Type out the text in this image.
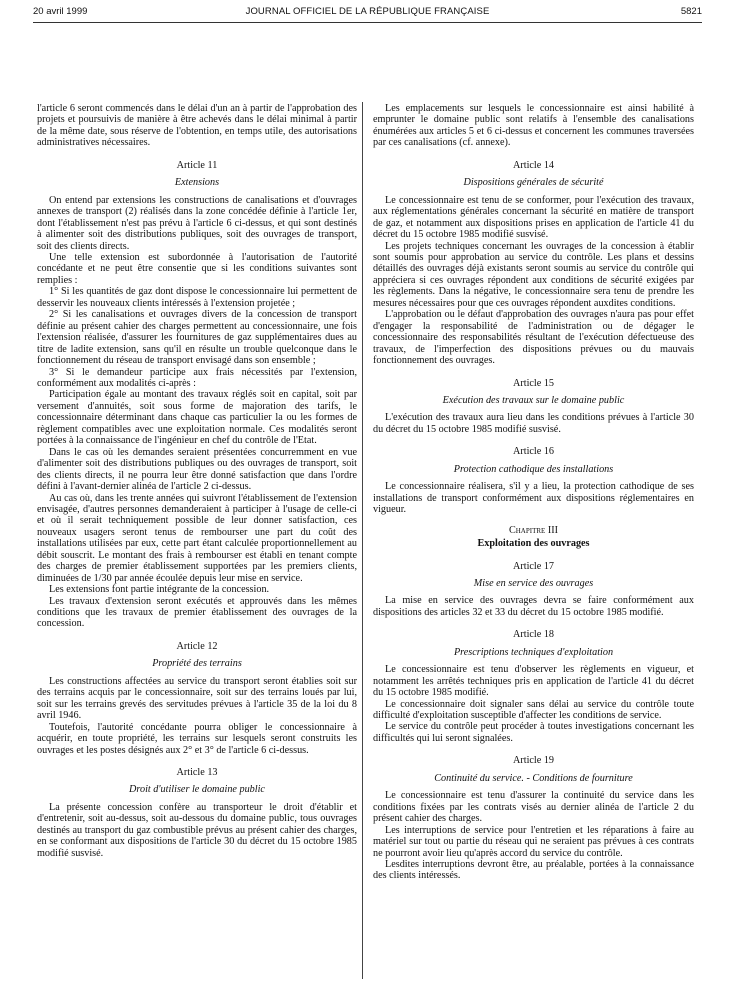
20 avril 1999	JOURNAL OFFICIEL DE LA RÉPUBLIQUE FRANÇAISE	5821

l'article 6 seront commencés dans le délai d'un an à partir de l'approbation des projets et poursuivis de manière à être achevés dans le délai minimal à partir de la même date, sous réserve de l'obtention, en temps utile, des autorisations administratives nécessaires.

Article 11

Extensions

On entend par extensions les constructions de canalisations et d'ouvrages annexes de transport (2) réalisés dans la zone concédée définie à l'article 1er, dont l'établissement n'est pas prévu à l'article 6 ci-dessus, et qui sont destinés à alimenter soit des distributions publiques, soit des ouvrages de transport, soit des clients directs.

Une telle extension est subordonnée à l'autorisation de l'autorité concédante et ne peut être consentie que si les conditions suivantes sont remplies :

1° Si les quantités de gaz dont dispose le concessionnaire lui permettent de desservir les nouveaux clients intéressés à l'extension projetée ;

2° Si les canalisations et ouvrages divers de la concession de transport définie au présent cahier des charges permettent au concessionnaire, une fois l'extension réalisée, d'assurer les fournitures de gaz supplémentaires dues au titre de ladite extension, sans qu'il en résulte un trouble quelconque dans le fonctionnement du réseau de transport envisagé dans son ensemble ;

3° Si le demandeur participe aux frais nécessités par l'extension, conformément aux modalités ci-après :

Participation égale au montant des travaux réglés soit en capital, soit par versement d'annuités, soit sous forme de majoration des tarifs, le concessionnaire déterminant dans chaque cas particulier la ou les formes de règlement compatibles avec une exploitation normale. Ces modalités seront portées à la connaissance de l'ingénieur en chef du contrôle de l'Etat.

Dans le cas où les demandes seraient présentées concurremment en vue d'alimenter soit des distributions publiques ou des ouvrages de transport, soit des clients directs, il ne pourra leur être donné satisfaction que dans l'ordre défini à l'avant-dernier alinéa de l'article 2 ci-dessus.

Au cas où, dans les trente années qui suivront l'établissement de l'extension envisagée, d'autres personnes demanderaient à participer à l'usage de celle-ci et où il serait techniquement possible de leur donner satisfaction, ces nouveaux usagers seront tenus de rembourser une part du coût des installations utilisées par eux, cette part étant calculée proportionnellement au débit souscrit. Le montant des frais à rembourser est établi en tenant compte des charges de premier établissement supportées par les premiers clients, diminuées de 1/30 par année écoulée depuis leur mise en service.

Les extensions font partie intégrante de la concession.

Les travaux d'extension seront exécutés et approuvés dans les mêmes conditions que les travaux de premier établissement des ouvrages de la concession.

Article 12

Propriété des terrains

Les constructions affectées au service du transport seront établies soit sur des terrains acquis par le concessionnaire, soit sur des terrains loués par lui, soit sur les terrains grevés des servitudes prévues à l'article 35 de la loi du 8 avril 1946.

Toutefois, l'autorité concédante pourra obliger le concessionnaire à acquérir, en toute propriété, les terrains sur lesquels seront construits les ouvrages et les postes désignés aux 2° et 3° de l'article 6 ci-dessus.

Article 13

Droit d'utiliser le domaine public

La présente concession confère au transporteur le droit d'établir et d'entretenir, soit au-dessus, soit au-dessous du domaine public, tous ouvrages destinés au transport du gaz combustible prévus au présent cahier des charges, en se conformant aux dispositions de l'article 30 du décret du 15 octobre 1985 modifié susvisé.

Les emplacements sur lesquels le concessionnaire est ainsi habilité à emprunter le domaine public sont relatifs à l'ensemble des canalisations énumérées aux articles 5 et 6 ci-dessus et concernent les communes traversées par ces canalisations (cf. annexe).

Article 14

Dispositions générales de sécurité

Le concessionnaire est tenu de se conformer, pour l'exécution des travaux, aux réglementations générales concernant la sécurité en matière de transport de gaz, et notamment aux dispositions prises en application de l'article 41 du décret du 15 octobre 1985 modifié susvisé.

Les projets techniques concernant les ouvrages de la concession à établir sont soumis pour approbation au service du contrôle. Les plans et dessins détaillés des ouvrages déjà existants seront soumis au service du contrôle qui appréciera si ces ouvrages répondent aux conditions de sécurité exigées par les règlements. Dans la négative, le concessionnaire sera tenu de prendre les mesures nécessaires pour que ces ouvrages répondent auxdites conditions.

L'approbation ou le défaut d'approbation des ouvrages n'aura pas pour effet d'engager la responsabilité de l'administration ou de dégager le concessionnaire des responsabilités résultant de l'exécution défectueuse des travaux, de l'imperfection des dispositions prévues ou du mauvais fonctionnement des ouvrages.

Article 15

Exécution des travaux sur le domaine public

L'exécution des travaux aura lieu dans les conditions prévues à l'article 30 du décret du 15 octobre 1985 modifié susvisé.

Article 16

Protection cathodique des installations

Le concessionnaire réalisera, s'il y a lieu, la protection cathodique de ses installations de transport conformément aux dispositions réglementaires en vigueur.

Chapitre III

Exploitation des ouvrages

Article 17

Mise en service des ouvrages

La mise en service des ouvrages devra se faire conformément aux dispositions des articles 32 et 33 du décret du 15 octobre 1985 modifié.

Article 18

Prescriptions techniques d'exploitation

Le concessionnaire est tenu d'observer les règlements en vigueur, et notamment les arrêtés techniques pris en application de l'article 41 du décret du 15 octobre 1985 modifié.

Le concessionnaire doit signaler sans délai au service du contrôle toute difficulté d'exploitation susceptible d'affecter les conditions de service.

Le service du contrôle peut procéder à toutes investigations concernant les difficultés qui lui seront signalées.

Article 19

Continuité du service. - Conditions de fourniture

Le concessionnaire est tenu d'assurer la continuité du service dans les conditions fixées par les contrats visés au dernier alinéa de l'article 2 du présent cahier des charges.

Les interruptions de service pour l'entretien et les réparations à faire au matériel sur tout ou partie du réseau qui ne seraient pas prévues à ces contrats ne pourront avoir lieu qu'après accord du service du contrôle.

Lesdites interruptions devront être, au préalable, portées à la connaissance des clients intéressés.
